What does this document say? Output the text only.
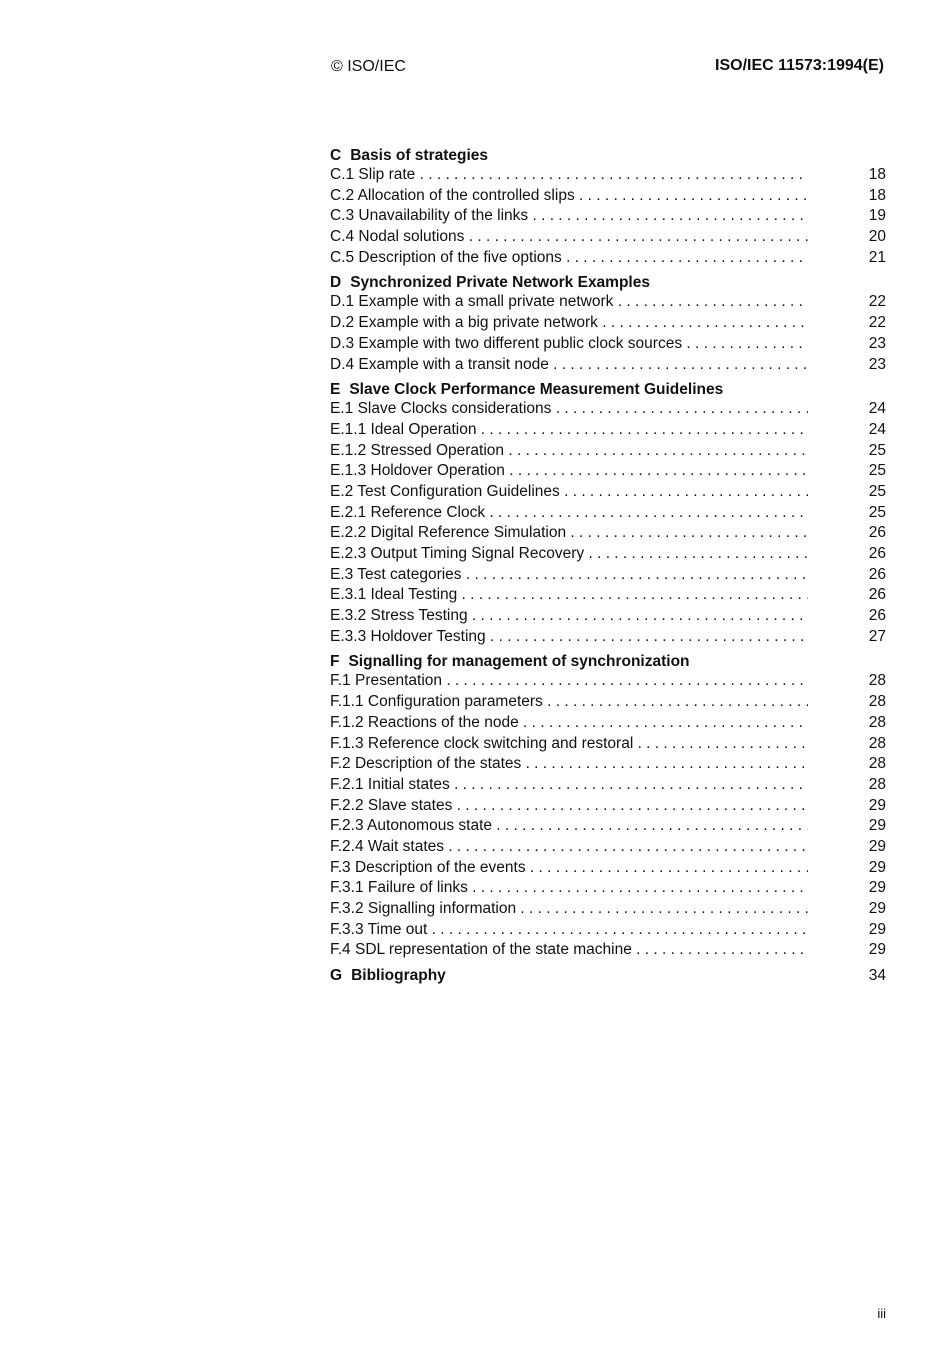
© ISO/IEC	ISO/IEC 11573:1994(E)
C Basis of strategies
C.1 Slip rate . . .	18
C.2 Allocation of the controlled slips . . .	18
C.3 Unavailability of the links . . .	19
C.4 Nodal solutions . . .	20
C.5 Description of the five options . . .	21
D Synchronized Private Network Examples
D.1 Example with a small private network . . .	22
D.2 Example with a big private network . . .	22
D.3 Example with two different public clock sources . . .	23
D.4 Example with a transit node . . .	23
E Slave Clock Performance Measurement Guidelines
E.1 Slave Clocks considerations . . .	24
E.1.1 Ideal Operation . . .	24
E.1.2 Stressed Operation . . .	25
E.1.3 Holdover Operation . . .	25
E.2 Test Configuration Guidelines . . .	25
E.2.1 Reference Clock . . .	25
E.2.2 Digital Reference Simulation . . .	26
E.2.3 Output Timing Signal Recovery . . .	26
E.3 Test categories . . .	26
E.3.1 Ideal Testing . . .	26
E.3.2 Stress Testing . . .	26
E.3.3 Holdover Testing . . .	27
F Signalling for management of synchronization
F.1 Presentation . . .	28
F.1.1 Configuration parameters . . .	28
F.1.2 Reactions of the node . . .	28
F.1.3 Reference clock switching and restoral . . .	28
F.2 Description of the states . . .	28
F.2.1 Initial states . . .	28
F.2.2 Slave states . . .	29
F.2.3 Autonomous state . . .	29
F.2.4 Wait states . . .	29
F.3 Description of the events . . .	29
F.3.1 Failure of links . . .	29
F.3.2 Signalling information . . .	29
F.3.3 Time out . . .	29
F.4 SDL representation of the state machine . . .	29
G Bibliography	34
iii
